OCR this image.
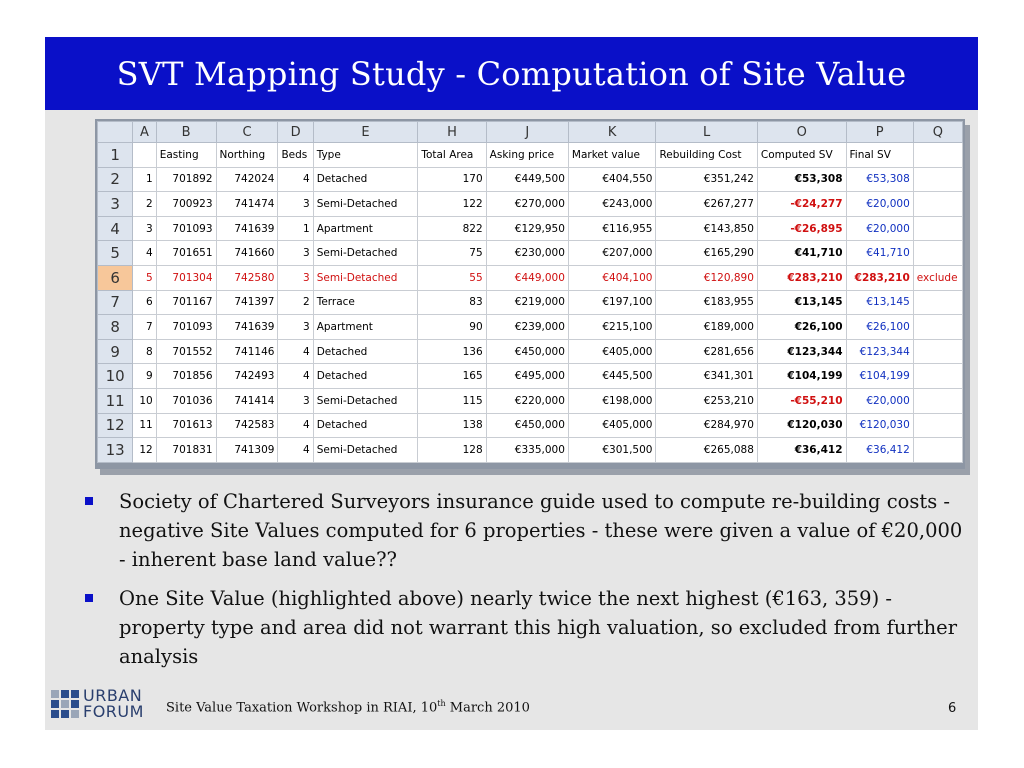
SVT Mapping Study - Computation of Site Value
	A	B	C	D	E	H	J	K	L	O	P	Q
1		Easting	Northing	Beds	Type	Total Area	Asking price	Market value	Rebuilding Cost	Computed SV	Final SV	
2	1	701892	742024	4	Detached	170	€449,500	€404,550	€351,242	€53,308	€53,308	
3	2	700923	741474	3	Semi-Detached	122	€270,000	€243,000	€267,277	-€24,277	€20,000	
4	3	701093	741639	1	Apartment	822	€129,950	€116,955	€143,850	-€26,895	€20,000	
5	4	701651	741660	3	Semi-Detached	75	€230,000	€207,000	€165,290	€41,710	€41,710	
6	5	701304	742580	3	Semi-Detached	55	€449,000	€404,100	€120,890	€283,210	€283,210	exclude
7	6	701167	741397	2	Terrace	83	€219,000	€197,100	€183,955	€13,145	€13,145	
8	7	701093	741639	3	Apartment	90	€239,000	€215,100	€189,000	€26,100	€26,100	
9	8	701552	741146	4	Detached	136	€450,000	€405,000	€281,656	€123,344	€123,344	
10	9	701856	742493	4	Detached	165	€495,000	€445,500	€341,301	€104,199	€104,199	
11	10	701036	741414	3	Semi-Detached	115	€220,000	€198,000	€253,210	-€55,210	€20,000	
12	11	701613	742583	4	Detached	138	€450,000	€405,000	€284,970	€120,030	€120,030	
13	12	701831	741309	4	Semi-Detached	128	€335,000	€301,500	€265,088	€36,412	€36,412	
Society of Chartered Surveyors insurance guide used to compute re-building costs - negative Site Values computed for 6 properties - these were given a value of €20,000 - inherent base land value??
One Site Value (highlighted above) nearly twice the next highest (€163, 359) - property type and area did not warrant this high valuation, so excluded from further analysis
URBAN
FORUM Site Value Taxation Workshop in RIAI, 10th March 2010	6
